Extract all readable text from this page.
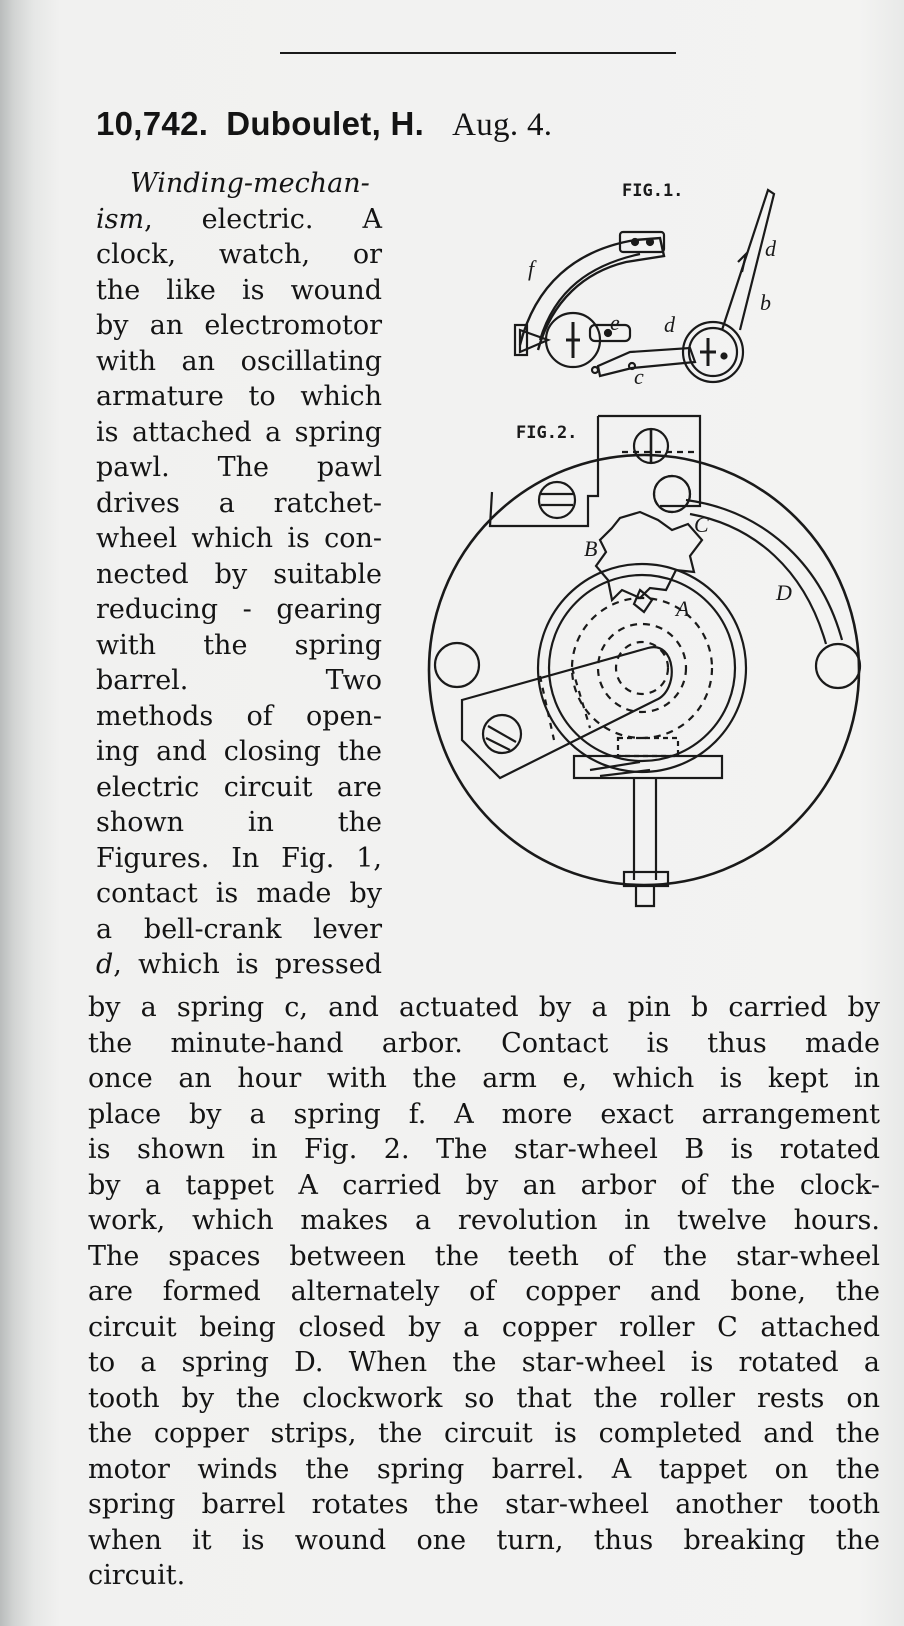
10,742. Duboulet, H. Aug. 4.
Winding-mechan-
ism, electric. A
clock, watch, or
the like is wound
by an electromotor
with an oscillating
armature to which
is attached a spring
pawl. The pawl
drives a ratchet-
wheel which is con-
nected by suitable
reducing - gearing
with the spring
barrel. Two
methods of open-
ing and closing the
electric circuit are
shown in the
Figures. In Fig. 1,
contact is made by
a bell-crank lever
d, which is pressed
by a spring c, and actuated by a pin b carried by
the minute-hand arbor. Contact is thus made
once an hour with the arm e, which is kept in
place by a spring f. A more exact arrangement
is shown in Fig. 2. The star-wheel B is rotated
by a tappet A carried by an arbor of the clock-
work, which makes a revolution in twelve hours.
The spaces between the teeth of the star-wheel
are formed alternately of copper and bone, the
circuit being closed by a copper roller C attached
to a spring D. When the star-wheel is rotated a
tooth by the clockwork so that the roller rests on
the copper strips, the circuit is completed and the
motor winds the spring barrel. A tappet on the
spring barrel rotates the star-wheel another tooth
when it is wound one turn, thus breaking the
circuit.
FIG.1.
d
b
f
e d
c
FIG.2.
B
C
D
A
